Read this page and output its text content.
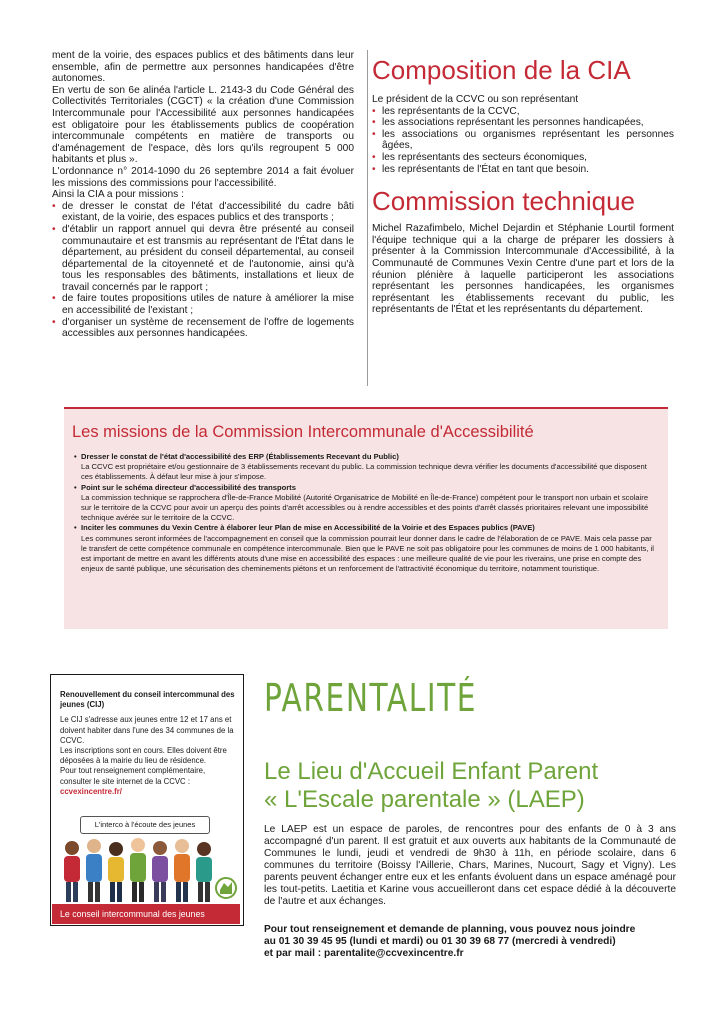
ment de la voirie, des espaces publics et des bâtiments dans leur ensemble, afin de permettre aux personnes handicapées d'être autonomes.

En vertu de son 6e alinéa l'article L. 2143-3 du Code Général des Collectivités Territoriales (CGCT) « la création d'une Commission Intercommunale pour l'Accessibilité aux personnes handicapées est obligatoire pour les établissements publics de coopération intercommunale compétents en matière de transports ou d'aménagement de l'espace, dès lors qu'ils regroupent 5 000 habitants et plus ».

L'ordonnance n° 2014-1090 du 26 septembre 2014 a fait évoluer les missions des commissions pour l'accessibilité.

Ainsi la CIA a pour missions :

• de dresser le constat de l'état d'accessibilité du cadre bâti existant, de la voirie, des espaces publics et des transports ;
• d'établir un rapport annuel qui devra être présenté au conseil communautaire et est transmis au représentant de l'État dans le département, au président du conseil départemental, au conseil départemental de la citoyenneté et de l'autonomie, ainsi qu'à tous les responsables des bâtiments, installations et lieux de travail concernés par le rapport ;
• de faire toutes propositions utiles de nature à améliorer la mise en accessibilité de l'existant ;
• d'organiser un système de recensement de l'offre de logements accessibles aux personnes handicapées.
Composition de la CIA

Le président de la CCVC ou son représentant

• les représentants de la CCVC,
• les associations représentant les personnes handicapées,
• les associations ou organismes représentant les personnes âgées,
• les représentants des secteurs économiques,
• les représentants de l'État en tant que besoin.
Commission technique

Michel Razafimbelo, Michel Dejardin et Stéphanie Lourtil forment l'équipe technique qui a la charge de préparer les dossiers à présenter à la Commission Intercommunale d'Accessibilité, à la Communauté de Communes Vexin Centre d'une part et lors de la réunion plénière à laquelle participeront les associations représentant les personnes handicapées, les organismes représentant les établissements recevant du public, les représentants de l'État et les représentants du département.

Les missions de la Commission Intercommunale d'Accessibilité
• Dresser le constat de l'état d'accessibilité des ERP (Établissements Recevant du Public)
La CCVC est propriétaire et/ou gestionnaire de 3 établissements recevant du public. La commission technique devra vérifier les documents d'accessibilité que disposent ces établissements. À défaut leur mise à jour s'impose.
• Point sur le schéma directeur d'accessibilité des transports
La commission technique se rapprochera d'Île-de-France Mobilité (Autorité Organisatrice de Mobilité en Île-de-France) compétent pour le transport non urbain et scolaire sur le territoire de la CCVC pour avoir un aperçu des points d'arrêt accessibles ou à rendre accessibles et des points d'arrêt classés prioritaires relevant une impossibilité technique avérée sur le territoire de la CCVC.
• Inciter les communes du Vexin Centre à élaborer leur Plan de mise en Accessibilité de la Voirie et des Espaces publics (PAVE)
Les communes seront informées de l'accompagnement en conseil que la commission pourrait leur donner dans le cadre de l'élaboration de ce PAVE. Mais cela passe par le transfert de cette compétence communale en compétence intercommunale. Bien que le PAVE ne soit pas obligatoire pour les communes de moins de 1 000 habitants, il est important de mettre en avant les différents atouts d'une mise en accessibilité des espaces : une meilleure qualité de vie pour les riverains, une prise en compte des enjeux de santé publique, une sécurisation des cheminements piétons et un renforcement de l'attractivité économique du territoire, notamment touristique.
Renouvellement du conseil intercommunal des jeunes (CIJ)
Le CIJ s'adresse aux jeunes entre 12 et 17 ans et doivent habiter dans l'une des 34 communes de la CCVC.
Les inscriptions sont en cours. Elles doivent être déposées à la mairie du lieu de résidence.
Pour tout renseignement complémentaire, consulter le site internet de la CCVC :
ccvexincentre.fr/
L'interco à l'écoute des jeunes
Le conseil intercommunal des jeunes
PARENTALITÉ
Le Lieu d'Accueil Enfant Parent
« L'Escale parentale » (LAEP)

Le LAEP est un espace de paroles, de rencontres pour des enfants de 0 à 3 ans accompagné d'un parent. Il est gratuit et aux ouverts aux habitants de la Communauté de Communes le lundi, jeudi et vendredi de 9h30 à 11h, en période scolaire, dans 6 communes du territoire (Boissy l'Aillerie, Chars, Marines, Nucourt, Sagy et Vigny). Les parents peuvent échanger entre eux et les enfants évoluent dans un espace aménagé pour les tout-petits. Laetitia et Karine vous accueilleront dans cet espace dédié à la découverte de l'autre et aux échanges.

Pour tout renseignement et demande de planning, vous pouvez nous joindre
au 01 30 39 45 95 (lundi et mardi) ou 01 30 39 68 77 (mercredi à vendredi)
et par mail : parentalite@ccvexincentre.fr
